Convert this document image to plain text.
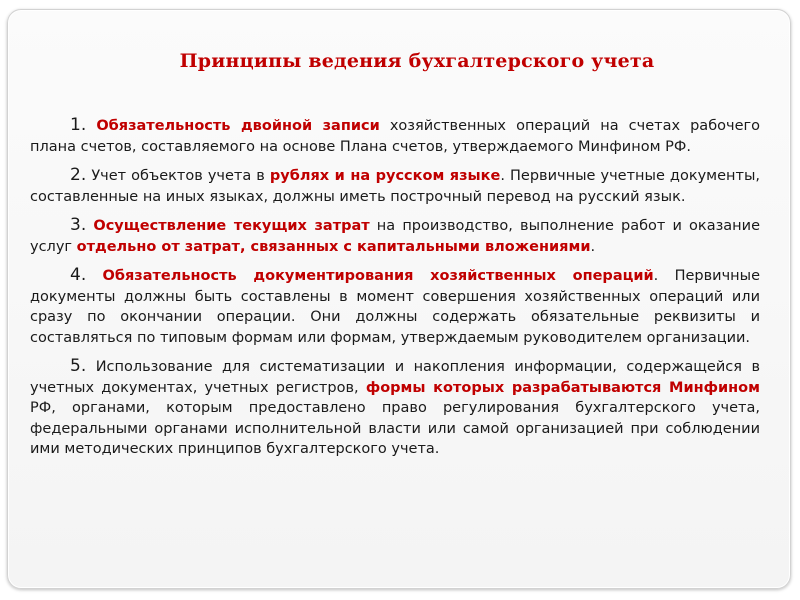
Принципы ведения бухгалтерского учета

1. Обязательность двойной записи хозяйственных операций на счетах рабочего плана счетов, составляемого на основе Плана счетов, утверждаемого Минфином РФ.

2. Учет объектов учета в рублях и на русском языке. Первичные учетные документы, составленные на иных языках, должны иметь построчный перевод на русский язык.

3. Осуществление текущих затрат на производство, выполнение работ и оказание услуг отдельно от затрат, связанных с капитальными вложениями.

4. Обязательность документирования хозяйственных операций. Первичные документы должны быть составлены в момент совершения хозяйственных операций или сразу по окончании операции. Они должны содержать обязательные реквизиты и составляться по типовым формам или формам, утверждаемым руководителем организации.

5. Использование для систематизации и накопления информации, содержащейся в учетных документах, учетных регистров, формы которых разрабатываются Минфином РФ, органами, которым предоставлено право регулирования бухгалтерского учета, федеральными органами исполнительной власти или самой организацией при соблюдении ими методических принципов бухгалтерского учета.
